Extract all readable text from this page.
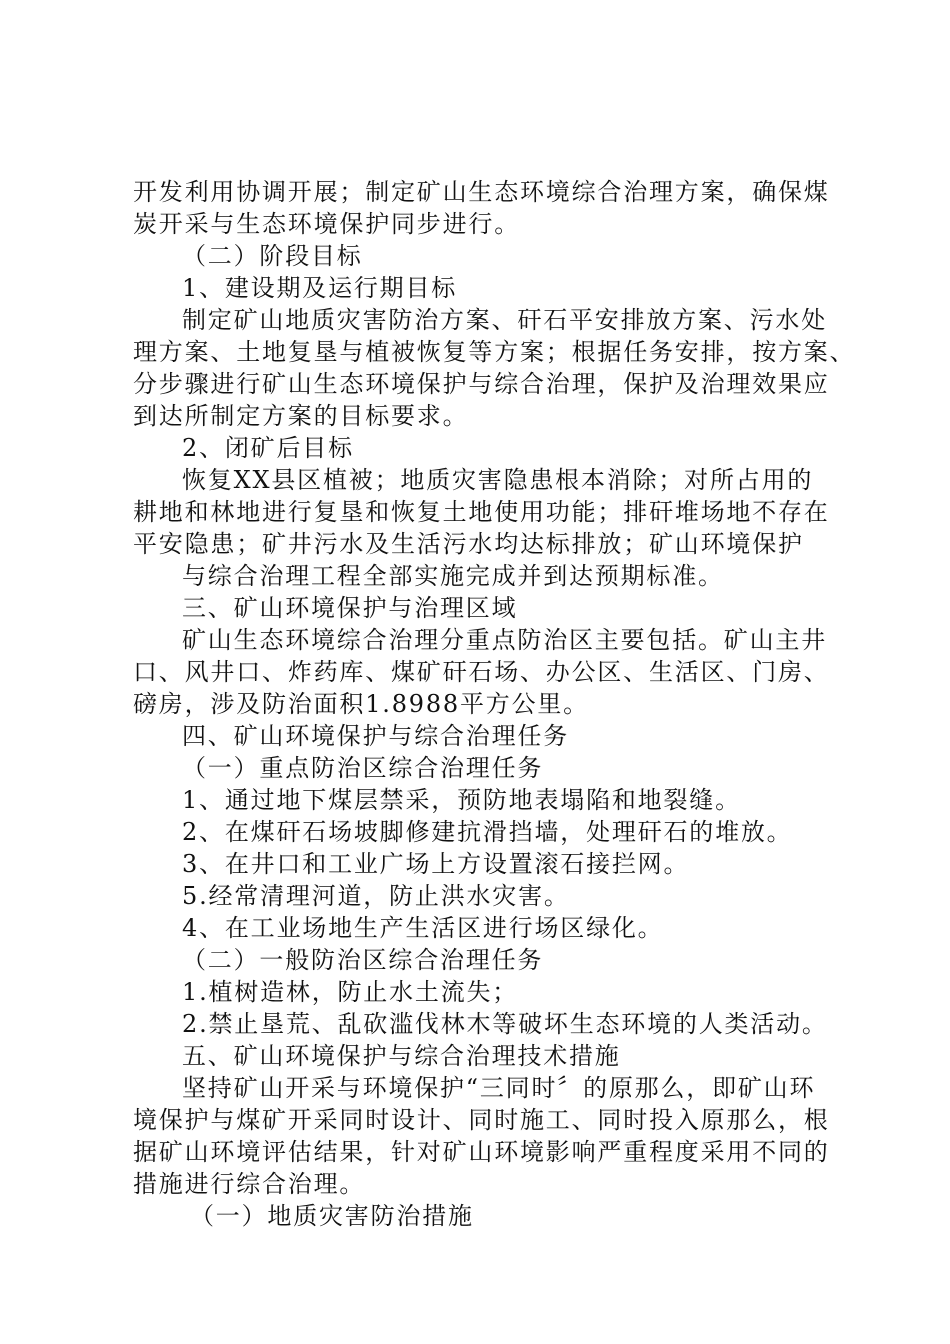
开发利用协调开展；制定矿山生态环境综合治理方案，确保煤
炭开采与生态环境保护同步进行。
（二）阶段目标
1、建设期及运行期目标
制定矿山地质灾害防治方案、矸石平安排放方案、污水处
理方案、土地复垦与植被恢复等方案；根据任务安排，按方案、
分步骤进行矿山生态环境保护与综合治理，保护及治理效果应
到达所制定方案的目标要求。
2、闭矿后目标
恢复XX县区植被；地质灾害隐患根本消除；对所占用的
耕地和林地进行复垦和恢复土地使用功能；排矸堆场地不存在
平安隐患；矿井污水及生活污水均达标排放；矿山环境保护
与综合治理工程全部实施完成并到达预期标准。
三、矿山环境保护与治理区域
矿山生态环境综合治理分重点防治区主要包括。矿山主井
口、风井口、炸药库、煤矿矸石场、办公区、生活区、门房、
磅房，涉及防治面积1.8988平方公里。
四、矿山环境保护与综合治理任务
（一）重点防治区综合治理任务
1、通过地下煤层禁采，预防地表塌陷和地裂缝。
2、在煤矸石场坡脚修建抗滑挡墙，处理矸石的堆放。
3、在井口和工业广场上方设置滚石接拦网。
5.经常清理河道，防止洪水灾害。
4、在工业场地生产生活区进行场区绿化。
（二）一般防治区综合治理任务
1.植树造林，防止水土流失；
2.禁止垦荒、乱砍滥伐林木等破坏生态环境的人类活动。
五、矿山环境保护与综合治理技术措施
坚持矿山开采与环境保护“三同时〞的原那么，即矿山环
境保护与煤矿开采同时设计、同时施工、同时投入原那么，根
据矿山环境评估结果，针对矿山环境影响严重程度采用不同的
措施进行综合治理。
（一）地质灾害防治措施
